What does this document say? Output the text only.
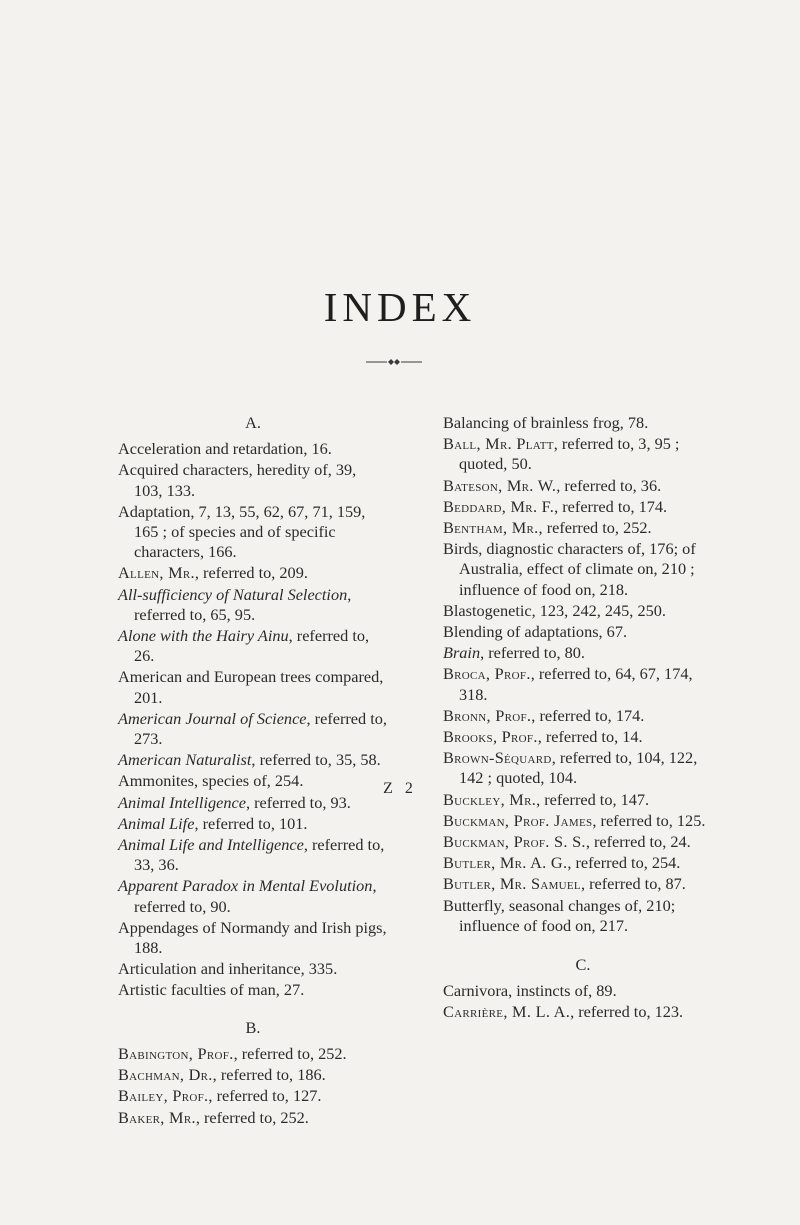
INDEX
A.
Acceleration and retardation, 16.
Acquired characters, heredity of, 39, 103, 133.
Adaptation, 7, 13, 55, 62, 67, 71, 159, 165 ; of species and of specific characters, 166.
Allen, Mr., referred to, 209.
All-sufficiency of Natural Selection, referred to, 65, 95.
Alone with the Hairy Ainu, referred to, 26.
American and European trees compared, 201.
American Journal of Science, referred to, 273.
American Naturalist, referred to, 35, 58.
Ammonites, species of, 254.
Animal Intelligence, referred to, 93.
Animal Life, referred to, 101.
Animal Life and Intelligence, referred to, 33, 36.
Apparent Paradox in Mental Evolution, referred to, 90.
Appendages of Normandy and Irish pigs, 188.
Articulation and inheritance, 335.
Artistic faculties of man, 27.
B.
Babington, Prof., referred to, 252.
Bachman, Dr., referred to, 186.
Bailey, Prof., referred to, 127.
Baker, Mr., referred to, 252.
Balancing of brainless frog, 78.
Ball, Mr. Platt, referred to, 3, 95 ; quoted, 50.
Bateson, Mr. W., referred to, 36.
Beddard, Mr. F., referred to, 174.
Bentham, Mr., referred to, 252.
Birds, diagnostic characters of, 176; of Australia, effect of climate on, 210 ; influence of food on, 218.
Blastogenetic, 123, 242, 245, 250.
Blending of adaptations, 67.
Brain, referred to, 80.
Broca, Prof., referred to, 64, 67, 174, 318.
Bronn, Prof., referred to, 174.
Brooks, Prof., referred to, 14.
Brown-Séquard, referred to, 104, 122, 142 ; quoted, 104.
Buckley, Mr., referred to, 147.
Buckman, Prof. James, referred to, 125.
Buckman, Prof. S. S., referred to, 24.
Butler, Mr. A. G., referred to, 254.
Butler, Mr. Samuel, referred to, 87.
Butterfly, seasonal changes of, 210; influence of food on, 217.
C.
Carnivora, instincts of, 89.
Carrière, M. L. A., referred to, 123.
Z 2
